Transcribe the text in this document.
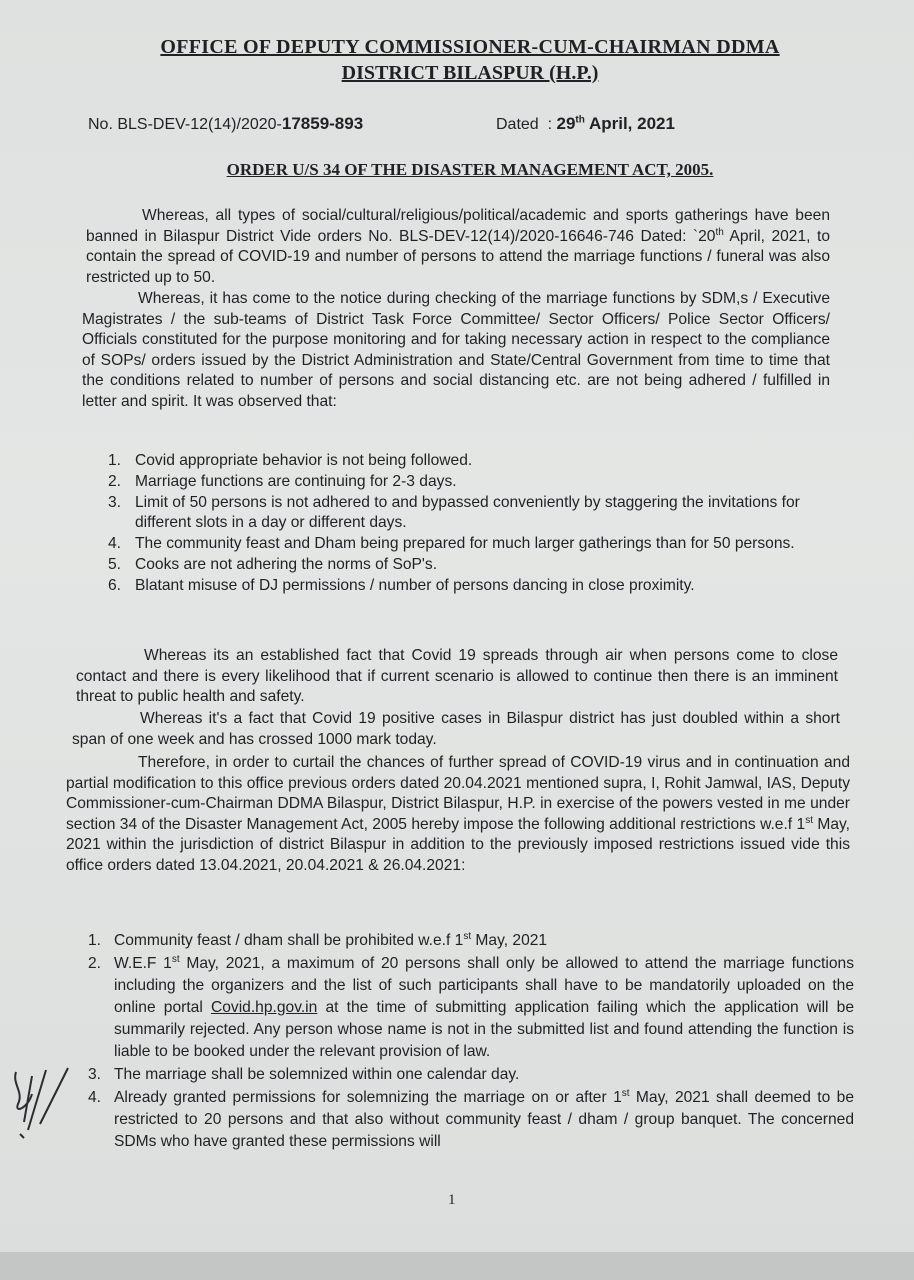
OFFICE OF DEPUTY COMMISSIONER-CUM-CHAIRMAN DDMA
DISTRICT BILASPUR (H.P.)
No. BLS-DEV-12(14)/2020-17859-893	Dated : 29th April, 2021
ORDER U/S 34 OF THE DISASTER MANAGEMENT ACT, 2005.
Whereas, all types of social/cultural/religious/political/academic and sports gatherings have been banned in Bilaspur District Vide orders No. BLS-DEV-12(14)/2020-16646-746 Dated: `20th April, 2021, to contain the spread of COVID-19 and number of persons to attend the marriage functions / funeral was also restricted up to 50.
Whereas, it has come to the notice during checking of the marriage functions by SDM,s / Executive Magistrates / the sub-teams of District Task Force Committee/ Sector Officers/ Police Sector Officers/ Officials constituted for the purpose monitoring and for taking necessary action in respect to the compliance of SOPs/ orders issued by the District Administration and State/Central Government from time to time that the conditions related to number of persons and social distancing etc. are not being adhered / fulfilled in letter and spirit. It was observed that:
1. Covid appropriate behavior is not being followed.
2. Marriage functions are continuing for 2-3 days.
3. Limit of 50 persons is not adhered to and bypassed conveniently by staggering the invitations for different slots in a day or different days.
4. The community feast and Dham being prepared for much larger gatherings than for 50 persons.
5. Cooks are not adhering the norms of SoP's.
6. Blatant misuse of DJ permissions / number of persons dancing in close proximity.
Whereas its an established fact that Covid 19 spreads through air when persons come to close contact and there is every likelihood that if current scenario is allowed to continue then there is an imminent threat to public health and safety.
Whereas it's a fact that Covid 19 positive cases in Bilaspur district has just doubled within a short span of one week and has crossed 1000 mark today.
Therefore, in order to curtail the chances of further spread of COVID-19 virus and in continuation and partial modification to this office previous orders dated 20.04.2021 mentioned supra, I, Rohit Jamwal, IAS, Deputy Commissioner-cum-Chairman DDMA Bilaspur, District Bilaspur, H.P. in exercise of the powers vested in me under section 34 of the Disaster Management Act, 2005 hereby impose the following additional restrictions w.e.f 1st May, 2021 within the jurisdiction of district Bilaspur in addition to the previously imposed restrictions issued vide this office orders dated 13.04.2021, 20.04.2021 & 26.04.2021:
1. Community feast / dham shall be prohibited w.e.f 1st May, 2021
2. W.E.F 1st May, 2021, a maximum of 20 persons shall only be allowed to attend the marriage functions including the organizers and the list of such participants shall have to be mandatorily uploaded on the online portal Covid.hp.gov.in at the time of submitting application failing which the application will be summarily rejected. Any person whose name is not in the submitted list and found attending the function is liable to be booked under the relevant provision of law.
3. The marriage shall be solemnized within one calendar day.
4. Already granted permissions for solemnizing the marriage on or after 1st May, 2021 shall deemed to be restricted to 20 persons and that also without community feast / dham / group banquet. The concerned SDMs who have granted these permissions will
1
